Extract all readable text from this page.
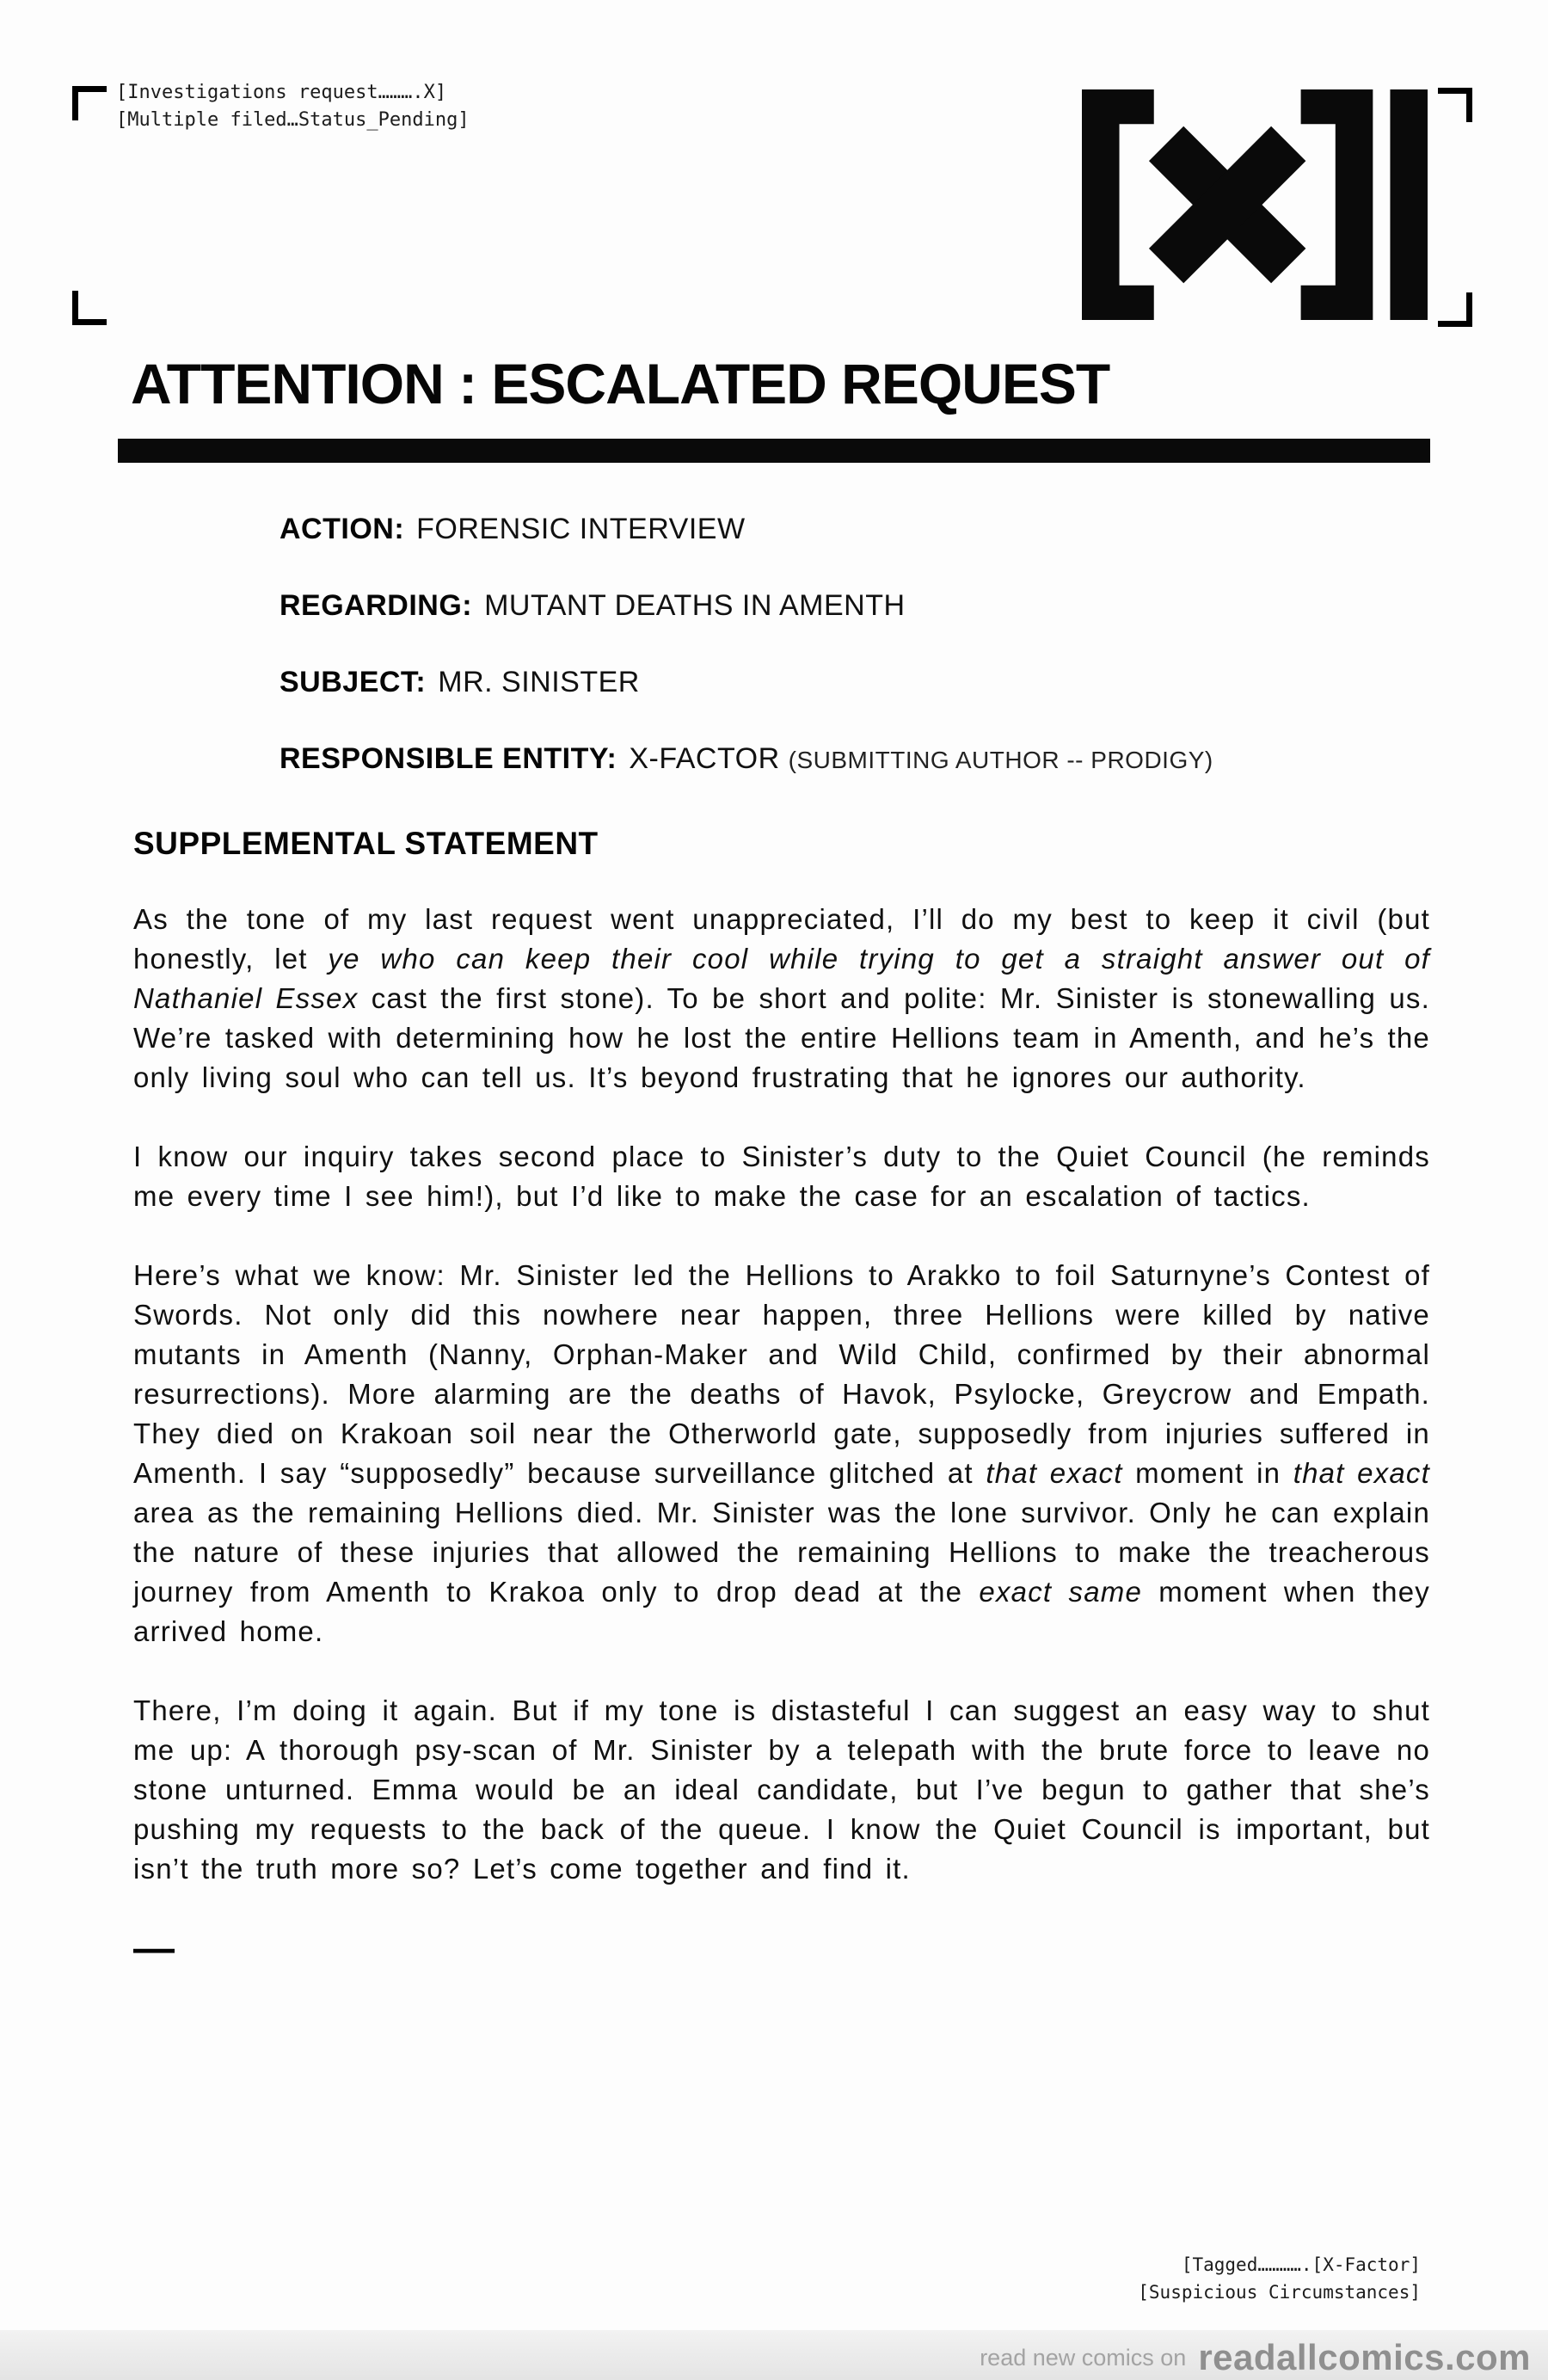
[Investigations request……….X]
[Multiple filed…Status_Pending]
ATTENTION : ESCALATED REQUEST
ACTION: FORENSIC INTERVIEW
REGARDING: MUTANT DEATHS IN AMENTH
SUBJECT: MR. SINISTER
RESPONSIBLE ENTITY: X-FACTOR (SUBMITTING AUTHOR -- PRODIGY)
SUPPLEMENTAL STATEMENT

As the tone of my last request went unappreciated, I’ll do my best to keep it civil (but honestly, let ye who can keep their cool while trying to get a straight answer out of Nathaniel Essex cast the first stone). To be short and polite: Mr. Sinister is stonewalling us. We’re tasked with determining how he lost the entire Hellions team in Amenth, and he’s the only living soul who can tell us. It’s beyond frustrating that he ignores our authority.

I know our inquiry takes second place to Sinister’s duty to the Quiet Council (he reminds me every time I see him!), but I’d like to make the case for an escalation of tactics.

Here’s what we know: Mr. Sinister led the Hellions to Arakko to foil Saturnyne’s Contest of Swords. Not only did this nowhere near happen, three Hellions were killed by native mutants in Amenth (Nanny, Orphan-Maker and Wild Child, confirmed by their abnormal resurrections). More alarming are the deaths of Havok, Psylocke, Greycrow and Empath. They died on Krakoan soil near the Otherworld gate, supposedly from injuries suffered in Amenth. I say “supposedly” because surveillance glitched at that exact moment in that exact area as the remaining Hellions died. Mr. Sinister was the lone survivor. Only he can explain the nature of these injuries that allowed the remaining Hellions to make the treacherous journey from Amenth to Krakoa only to drop dead at the exact same moment when they arrived home.

There, I’m doing it again. But if my tone is distasteful I can suggest an easy way to shut me up: A thorough psy-scan of Mr. Sinister by a telepath with the brute force to leave no stone unturned. Emma would be an ideal candidate, but I’ve begun to gather that she’s pushing my requests to the back of the queue. I know the Quiet Council is important, but isn’t the truth more so? Let’s come together and find it.

—
[Tagged………….[X-Factor]
[Suspicious Circumstances]
read new comics on readallcomics.com
